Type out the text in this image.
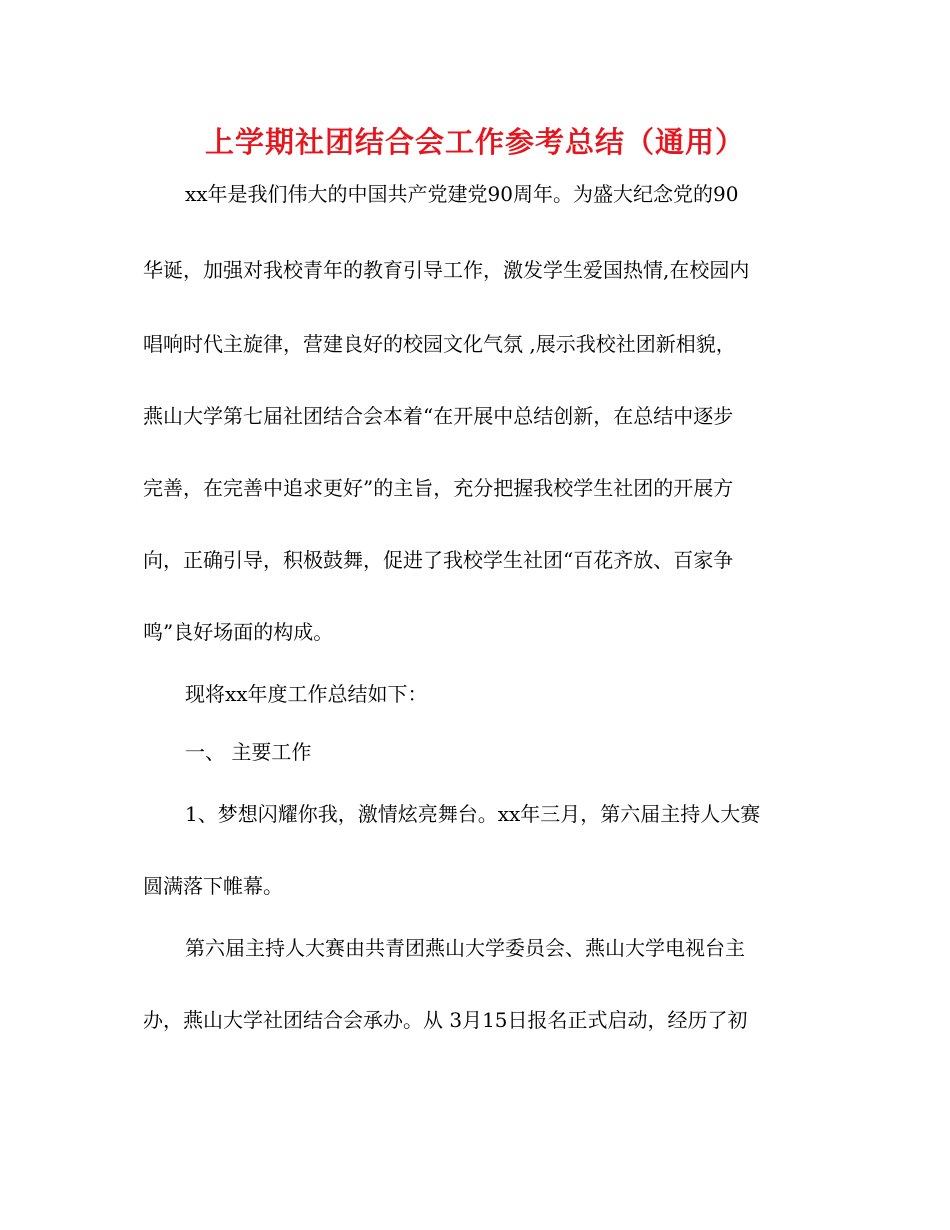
上学期社团结合会工作参考总结（通用）
xx年是我们伟大的中国共产党建党90周年。为盛大纪念党的90
华诞，加强对我校青年的教育引导工作，激发学生爱国热情,在校园内
唱响时代主旋律，营建良好的校园文化气氛 ,展示我校社团新相貌，
燕山大学第七届社团结合会本着“在开展中总结创新，在总结中逐步
完善，在完善中追求更好”的主旨，充分把握我校学生社团的开展方
向，正确引导，积极鼓舞，促进了我校学生社团“百花齐放、百家争
鸣”良好场面的构成。
现将xx年度工作总结如下：
一、 主要工作
1、梦想闪耀你我，激情炫亮舞台。xx年三月，第六届主持人大赛
圆满落下帷幕。
第六届主持人大赛由共青团燕山大学委员会、燕山大学电视台主
办，燕山大学社团结合会承办。从 3月15日报名正式启动，经历了初
